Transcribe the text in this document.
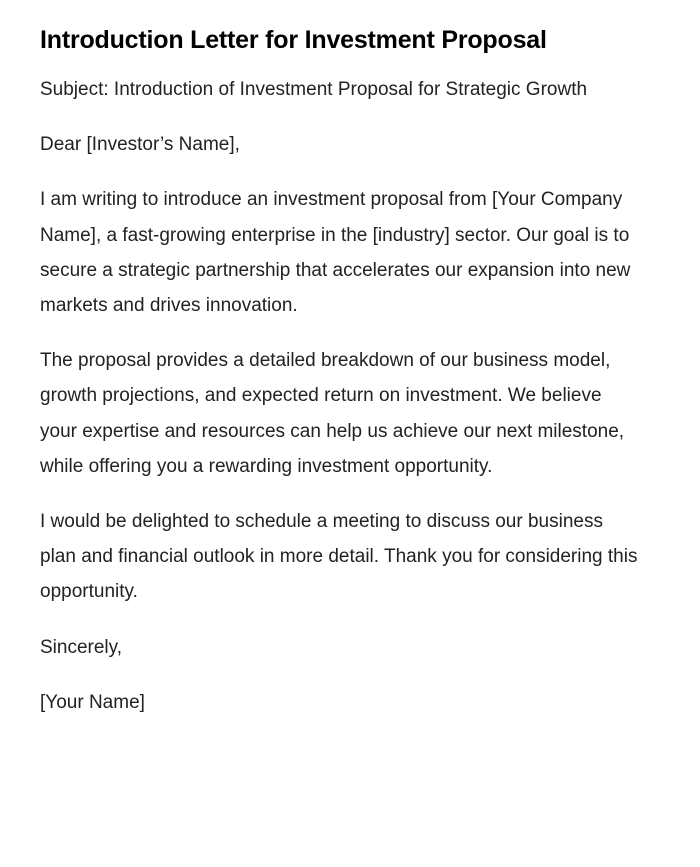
Introduction Letter for Investment Proposal

Subject: Introduction of Investment Proposal for Strategic Growth

Dear [Investor’s Name],

I am writing to introduce an investment proposal from [Your Company Name], a fast-growing enterprise in the [industry] sector. Our goal is to secure a strategic partnership that accelerates our expansion into new markets and drives innovation.

The proposal provides a detailed breakdown of our business model, growth projections, and expected return on investment. We believe your expertise and resources can help us achieve our next milestone, while offering you a rewarding investment opportunity.

I would be delighted to schedule a meeting to discuss our business plan and financial outlook in more detail. Thank you for considering this opportunity.

Sincerely,

[Your Name]
